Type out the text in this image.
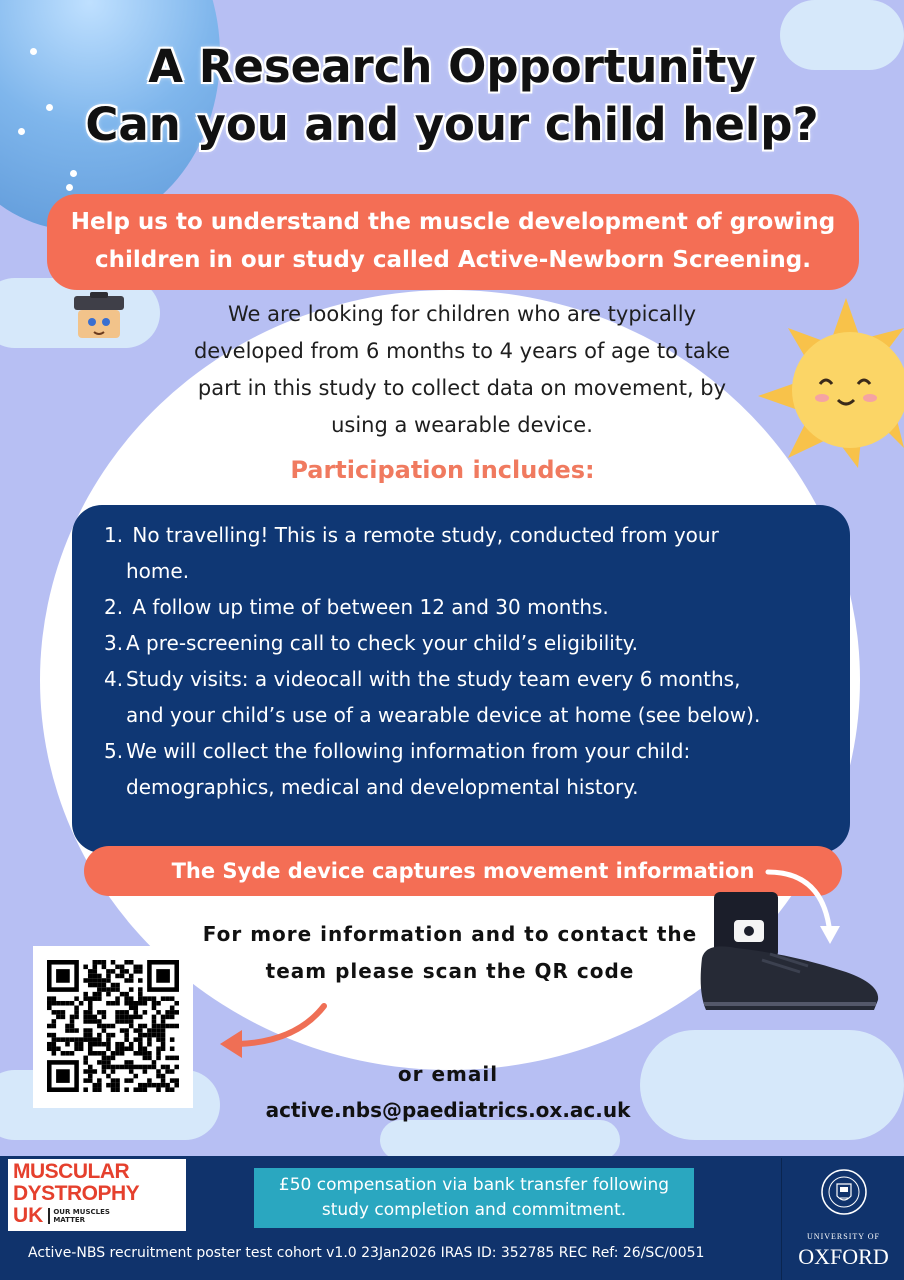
A Research Opportunity
Can you and your child help?
Help us to understand the muscle development of growing
children in our study called Active-Newborn Screening.
We are looking for children who are typically
developed from 6 months to 4 years of age to take
part in this study to collect data on movement, by
using a wearable device.
Participation includes:
1. No travelling! This is a remote study, conducted from your
home.
2. A follow up time of between 12 and 30 months.
3. A pre-screening call to check your child’s eligibility.
4. Study visits: a videocall with the study team every 6 months,
and your child’s use of a wearable device at home (see below).
5. We will collect the following information from your child:
demographics, medical and developmental history.
The Syde device captures movement information
For more information and to contact the
team please scan the QR code
or email
active.nbs@paediatrics.ox.ac.uk
MUSCULAR
DYSTROPHY
UK OUR MUSCLES
MATTER
£50 compensation via bank transfer following
study completion and commitment.
UNIVERSITY OF
OXFORD
Active-NBS recruitment poster test cohort v1.0 23Jan2026 IRAS ID: 352785 REC Ref: 26/SC/0051
